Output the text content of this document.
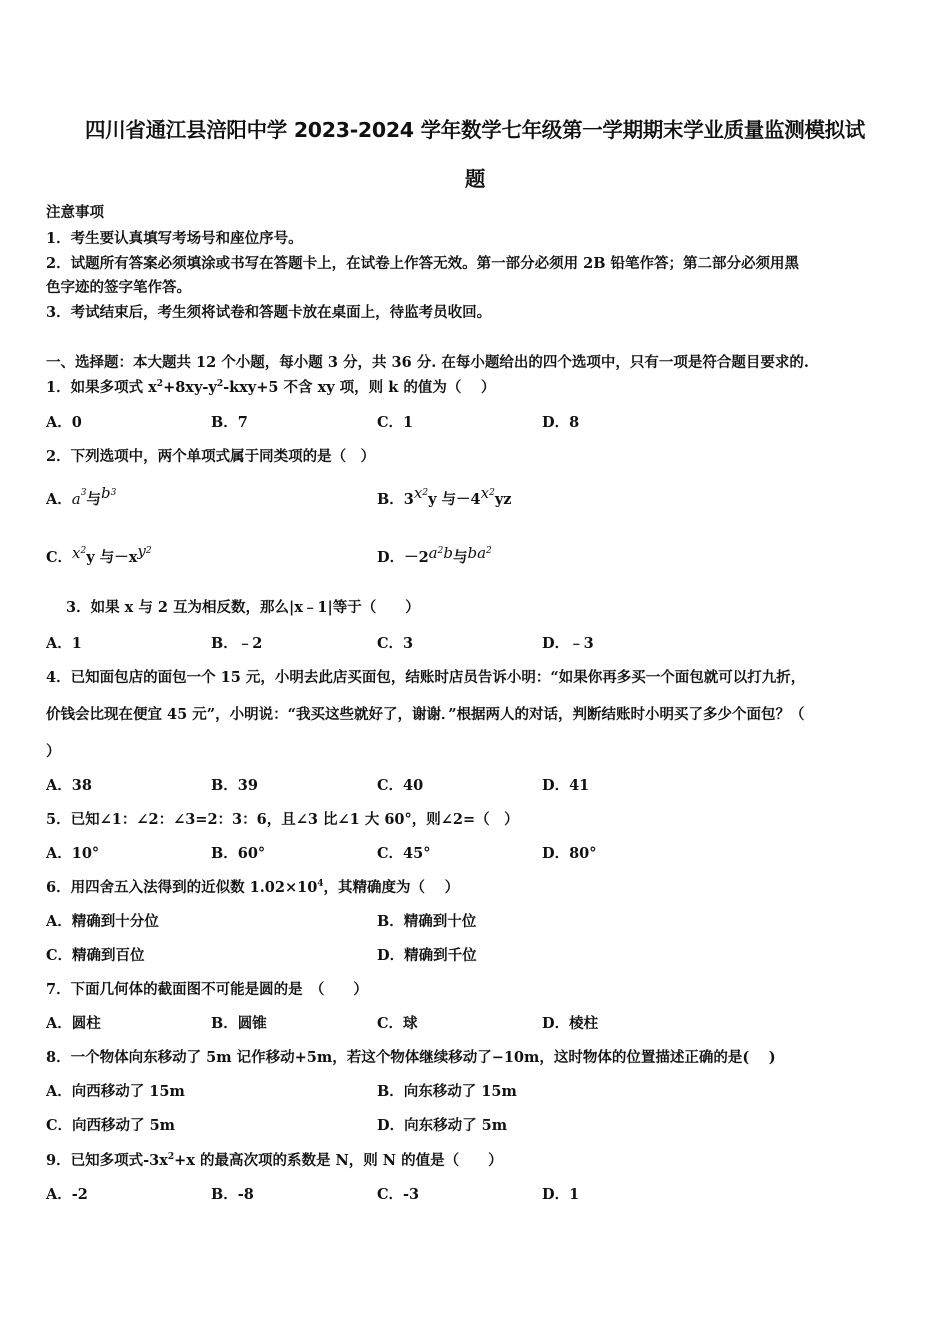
四川省通江县涪阳中学 2023-2024 学年数学七年级第一学期期末学业质量监测模拟试
题
注意事项
1．考生要认真填写考场号和座位序号。
2．试题所有答案必须填涂或书写在答题卡上，在试卷上作答无效。第一部分必须用 2B 铅笔作答；第二部分必须用黑
色字迹的签字笔作答。
3．考试结束后，考生须将试卷和答题卡放在桌面上，待监考员收回。
一、选择题：本大题共 12 个小题，每小题 3 分，共 36 分. 在每小题给出的四个选项中，只有一项是符合题目要求的.
1．如果多项式 $x^2+8xy-y^2-kxy+5$ 不含 xy 项，则 k 的值为（　 ）
A．0	B．7	C．1	D．8
2．下列选项中，两个单项式属于同类项的是（　）
A．$a^3$与$b^3$	B．$3x^2y$ 与$-4x^2yz$
C．$x^2y$ 与$-xy^2$	D．$-2a^2b$与$ba^2$
3．如果 x 与 2 互为相反数，那么|x﹣1|等于（　　）
A．1	B．﹣2	C．3	D．﹣3
4．已知面包店的面包一个 15 元，小明去此店买面包，结账时店员告诉小明：“如果你再多买一个面包就可以打九折，
价钱会比现在便宜 45 元”，小明说：“我买这些就好了，谢谢．”根据两人的对话，判断结账时小明买了多少个面包？（
）
A．38	B．39	C．40	D．41
5．已知∠1：∠2：∠3=2：3：6，且∠3 比∠1 大 60°，则∠2=（　）
A．10°	B．60°	C．45°	D．80°
6．用四舍五入法得到的近似数 $1.02\times 10^4$，其精确度为（　 ）
A．精确到十分位	B．精确到十位
C．精确到百位	D．精确到千位
7．下面几何体的截面图不可能是圆的是　（　　）
A．圆柱	B．圆锥	C．球	D．棱柱
8．一个物体向东移动了 5m 记作移动+5m，若这个物体继续移动了−10m，这时物体的位置描述正确的是(　 )
A．向西移动了 15m	B．向东移动了 15m
C．向西移动了 5m	D．向东移动了 5m
9．已知多项式$-3x^2+x$ 的最高次项的系数是 N，则 N 的值是（　　）
A．-2	B．-8	C．-3	D．1
